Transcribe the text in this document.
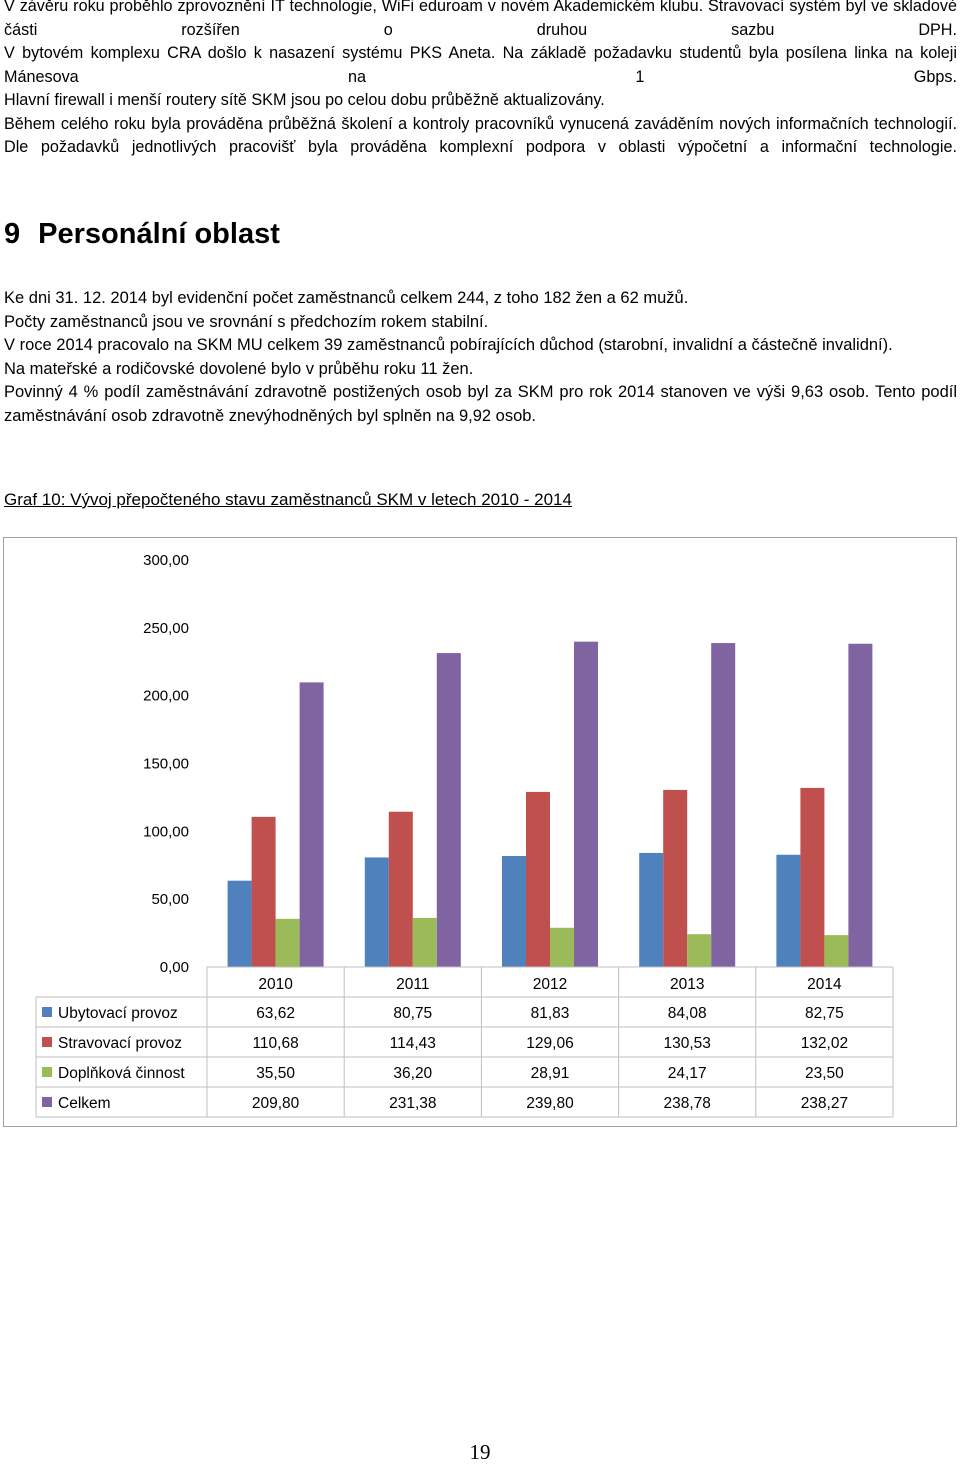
V závěru roku proběhlo zprovoznění IT technologie, WiFi eduroam v novém Akademickém klubu. Stravovací systém byl ve skladové části rozšířen o druhou sazbu DPH.

V bytovém komplexu CRA došlo k nasazení systému PKS Aneta. Na základě požadavku studentů byla posílena linka na koleji Mánesova na 1 Gbps.

Hlavní firewall i menší routery sítě SKM jsou po celou dobu průběžně aktualizovány.

Během celého roku byla prováděna průběžná školení a kontroly pracovníků vynucená zaváděním nových informačních technologií. Dle požadavků jednotlivých pracovišť byla prováděna komplexní podpora v oblasti výpočetní a informační technologie.

9 Personální oblast

Ke dni 31. 12. 2014 byl evidenční počet zaměstnanců celkem 244, z toho 182 žen a 62 mužů.

Počty zaměstnanců jsou ve srovnání s předchozím rokem stabilní.

V roce 2014 pracovalo na SKM MU celkem 39 zaměstnanců pobírajících důchod (starobní, invalidní a částečně invalidní).

Na mateřské a rodičovské dovolené bylo v průběhu roku 11 žen.

Povinný 4 % podíl zaměstnávání zdravotně postižených osob byl za SKM pro rok 2014 stanoven ve výši 9,63 osob. Tento podíl zaměstnávání osob zdravotně znevýhodněných byl splněn na 9,92 osob.

Graf 10: Vývoj přepočteného stavu zaměstnanců SKM v letech 2010 - 2014

0,00
50,00
100,00
150,00
200,00
250,00
300,00
2010	2011	2012	2013	2014
Ubytovací provoz	63,62	80,75	81,83	84,08	82,75
Stravovací provoz	110,68	114,43	129,06	130,53	132,02
Doplňková činnost	35,50	36,20	28,91	24,17	23,50
Celkem	209,80	231,38	239,80	238,78	238,27
19
